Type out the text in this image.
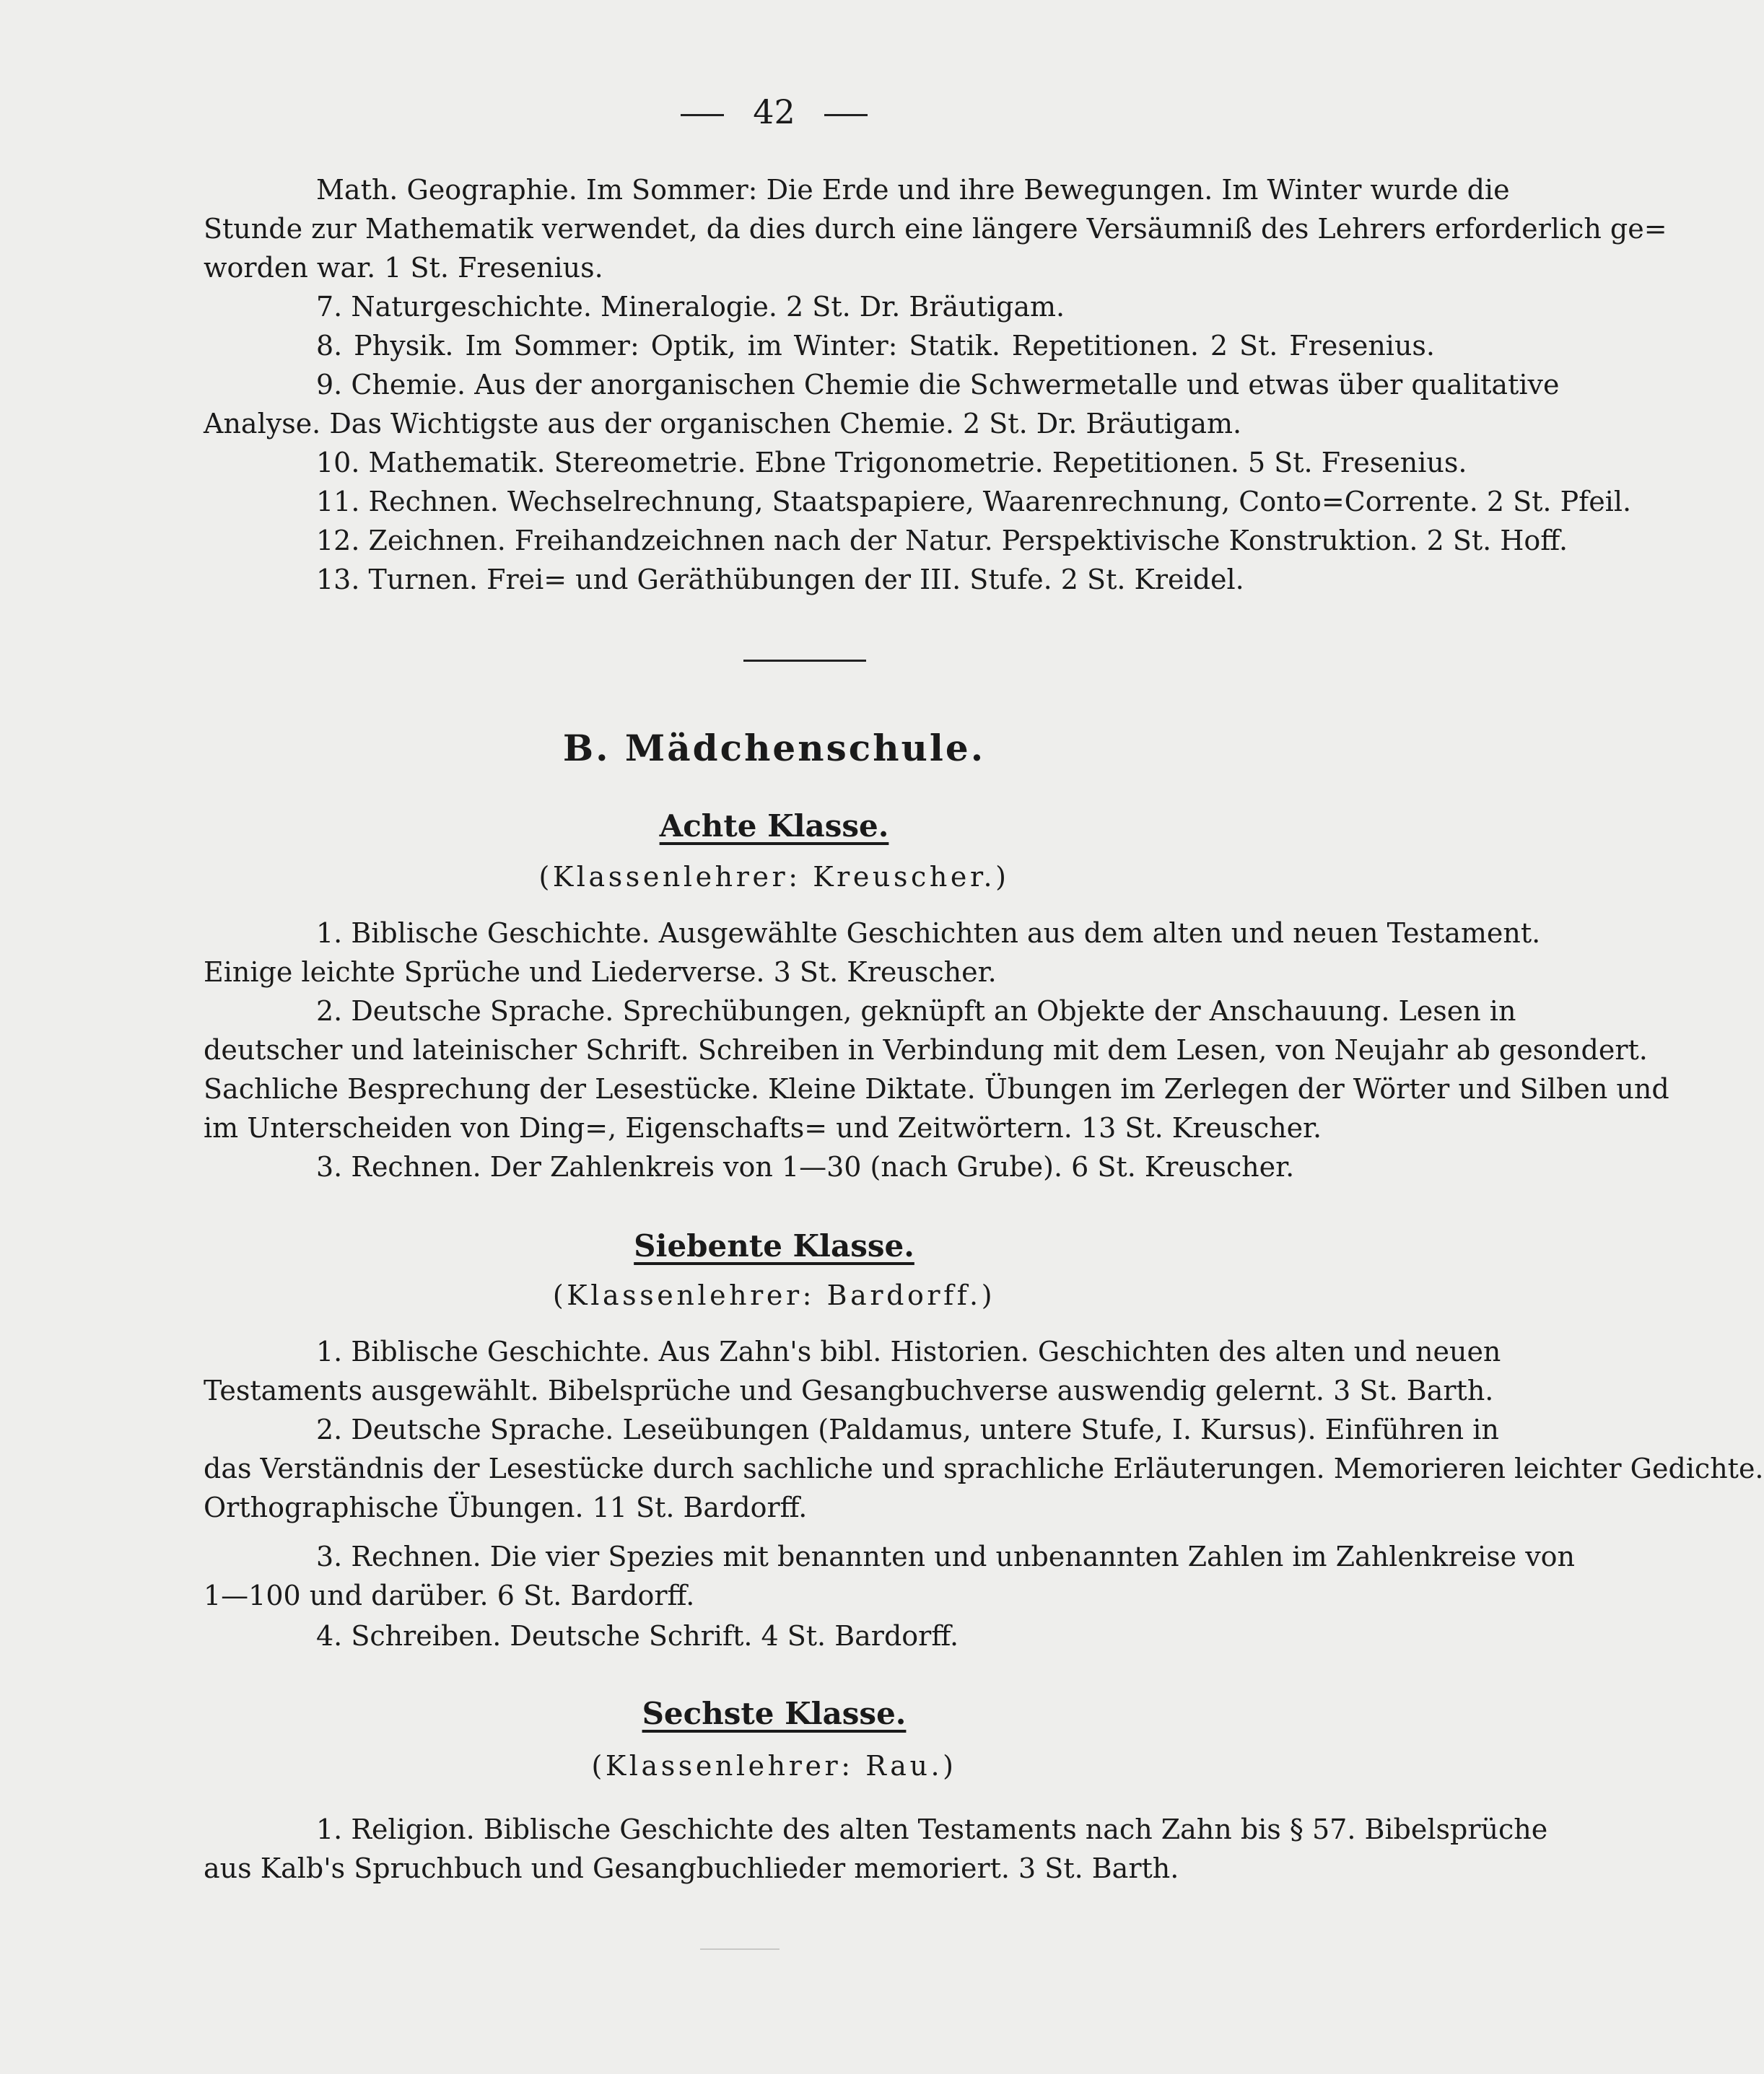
42
Math. Geographie. Im Sommer: Die Erde und ihre Bewegungen. Im Winter wurde die
Stunde zur Mathematik verwendet, da dies durch eine längere Versäumniß des Lehrers erforderlich ge=
worden war. 1 St. Fresenius.
7. Naturgeschichte. Mineralogie. 2 St. Dr. Bräutigam.
8. Physik. Im Sommer: Optik, im Winter: Statik. Repetitionen. 2 St. Fresenius.
9. Chemie. Aus der anorganischen Chemie die Schwermetalle und etwas über qualitative
Analyse. Das Wichtigste aus der organischen Chemie. 2 St. Dr. Bräutigam.
10. Mathematik. Stereometrie. Ebne Trigonometrie. Repetitionen. 5 St. Fresenius.
11. Rechnen. Wechselrechnung, Staatspapiere, Waarenrechnung, Conto=Corrente. 2 St. Pfeil.
12. Zeichnen. Freihandzeichnen nach der Natur. Perspektivische Konstruktion. 2 St. Hoff.
13. Turnen. Frei= und Geräthübungen der III. Stufe. 2 St. Kreidel.
B. Mädchenschule.
Achte Klasse.
(Klassenlehrer: Kreuscher.)
1. Biblische Geschichte. Ausgewählte Geschichten aus dem alten und neuen Testament.
Einige leichte Sprüche und Liederverse. 3 St. Kreuscher.
2. Deutsche Sprache. Sprechübungen, geknüpft an Objekte der Anschauung. Lesen in
deutscher und lateinischer Schrift. Schreiben in Verbindung mit dem Lesen, von Neujahr ab gesondert.
Sachliche Besprechung der Lesestücke. Kleine Diktate. Übungen im Zerlegen der Wörter und Silben und
im Unterscheiden von Ding=, Eigenschafts= und Zeitwörtern. 13 St. Kreuscher.
3. Rechnen. Der Zahlenkreis von 1—30 (nach Grube). 6 St. Kreuscher.
Siebente Klasse.
(Klassenlehrer: Bardorff.)
1. Biblische Geschichte. Aus Zahn's bibl. Historien. Geschichten des alten und neuen
Testaments ausgewählt. Bibelsprüche und Gesangbuchverse auswendig gelernt. 3 St. Barth.
2. Deutsche Sprache. Leseübungen (Paldamus, untere Stufe, I. Kursus). Einführen in
das Verständnis der Lesestücke durch sachliche und sprachliche Erläuterungen. Memorieren leichter Gedichte.
Orthographische Übungen. 11 St. Bardorff.
3. Rechnen. Die vier Spezies mit benannten und unbenannten Zahlen im Zahlenkreise von
1—100 und darüber. 6 St. Bardorff.
4. Schreiben. Deutsche Schrift. 4 St. Bardorff.
Sechste Klasse.
(Klassenlehrer: Rau.)
1. Religion. Biblische Geschichte des alten Testaments nach Zahn bis § 57. Bibelsprüche
aus Kalb's Spruchbuch und Gesangbuchlieder memoriert. 3 St. Barth.
